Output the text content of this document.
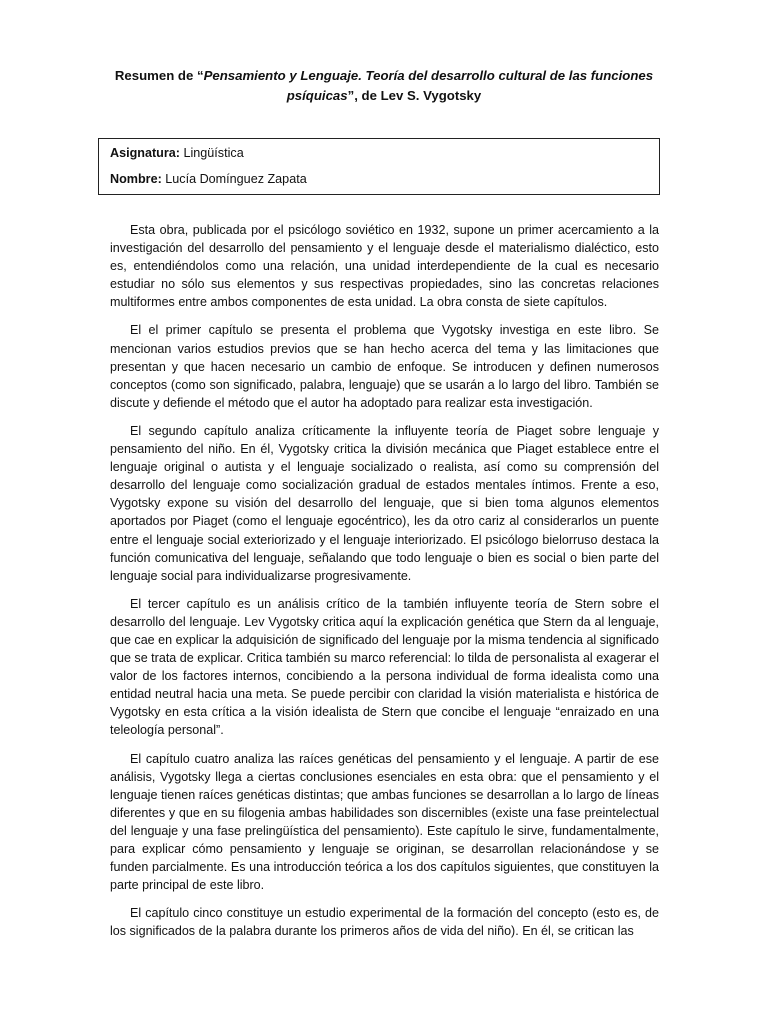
Resumen de “Pensamiento y Lenguaje. Teoría del desarrollo cultural de las funciones psíquicas”, de Lev S. Vygotsky

Asignatura: Lingüística

Nombre: Lucía Domínguez Zapata

Esta obra, publicada por el psicólogo soviético en 1932, supone un primer acercamiento a la investigación del desarrollo del pensamiento y el lenguaje desde el materialismo dialéctico, esto es, entendiéndolos como una relación, una unidad interdependiente de la cual es necesario estudiar no sólo sus elementos y sus respectivas propiedades, sino las concretas relaciones multiformes entre ambos componentes de esta unidad. La obra consta de siete capítulos.

El el primer capítulo se presenta el problema que Vygotsky investiga en este libro. Se mencionan varios estudios previos que se han hecho acerca del tema y las limitaciones que presentan y que hacen necesario un cambio de enfoque. Se introducen y definen numerosos conceptos (como son significado, palabra, lenguaje) que se usarán a lo largo del libro. También se discute y defiende el método que el autor ha adoptado para realizar esta investigación.

El segundo capítulo analiza críticamente la influyente teoría de Piaget sobre lenguaje y pensamiento del niño. En él, Vygotsky critica la división mecánica que Piaget establece entre el lenguaje original o autista y el lenguaje socializado o realista, así como su comprensión del desarrollo del lenguaje como socialización gradual de estados mentales íntimos. Frente a eso, Vygotsky expone su visión del desarrollo del lenguaje, que si bien toma algunos elementos aportados por Piaget (como el lenguaje egocéntrico), les da otro cariz al considerarlos un puente entre el lenguaje social exteriorizado y el lenguaje interiorizado. El psicólogo bielorruso destaca la función comunicativa del lenguaje, señalando que todo lenguaje o bien es social o bien parte del lenguaje social para individualizarse progresivamente.

El tercer capítulo es un análisis crítico de la también influyente teoría de Stern sobre el desarrollo del lenguaje. Lev Vygotsky critica aquí la explicación genética que Stern da al lenguaje, que cae en explicar la adquisición de significado del lenguaje por la misma tendencia al significado que se trata de explicar. Critica también su marco referencial: lo tilda de personalista al exagerar el valor de los factores internos, concibiendo a la persona individual de forma idealista como una entidad neutral hacia una meta. Se puede percibir con claridad la visión materialista e histórica de Vygotsky en esta crítica a la visión idealista de Stern que concibe el lenguaje “enraizado en una teleología personal”.

El capítulo cuatro analiza las raíces genéticas del pensamiento y el lenguaje. A partir de ese análisis, Vygotsky llega a ciertas conclusiones esenciales en esta obra: que el pensamiento y el lenguaje tienen raíces genéticas distintas; que ambas funciones se desarrollan a lo largo de líneas diferentes y que en su filogenia ambas habilidades son discernibles (existe una fase preintelectual del lenguaje y una fase prelingüística del pensamiento). Este capítulo le sirve, fundamentalmente, para explicar cómo pensamiento y lenguaje se originan, se desarrollan relacionándose y se funden parcialmente. Es una introducción teórica a los dos capítulos siguientes, que constituyen la parte principal de este libro.

El capítulo cinco constituye un estudio experimental de la formación del concepto (esto es, de los significados de la palabra durante los primeros años de vida del niño). En él, se critican las
